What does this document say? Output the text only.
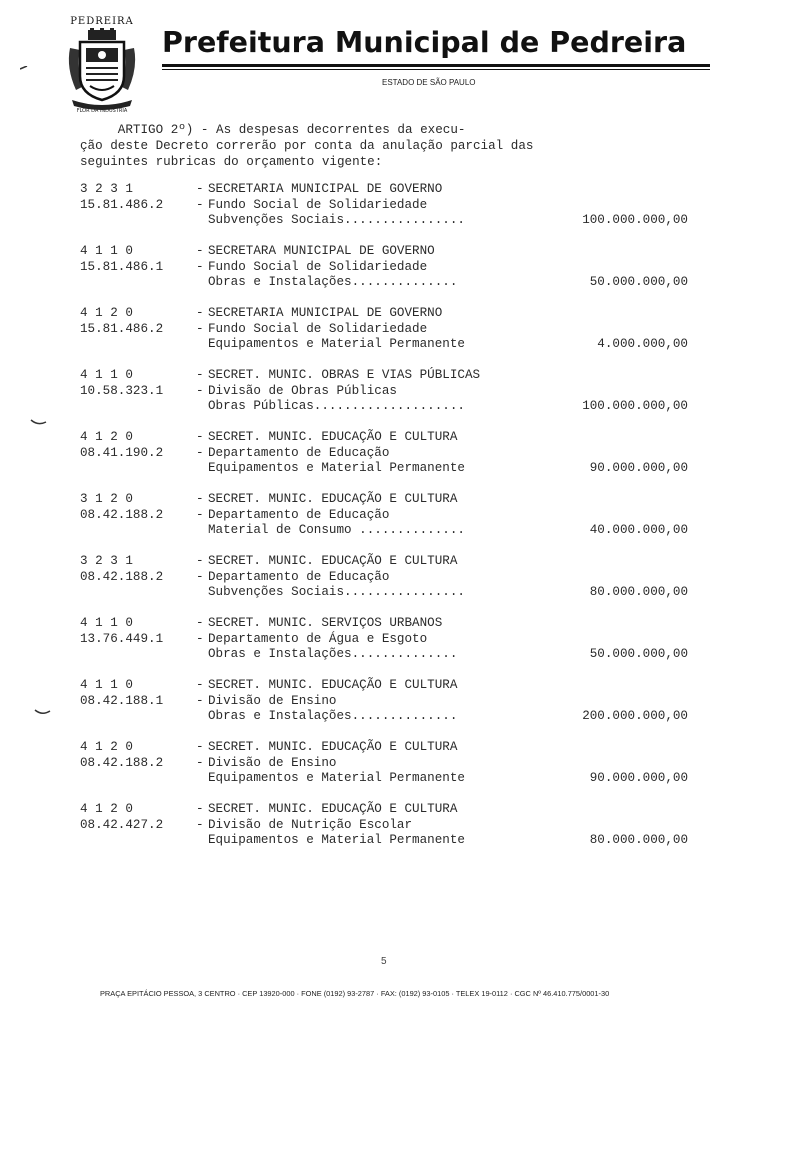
PEDREIRA
FLOR DA INDUSTRIA
Prefeitura Municipal de Pedreira
ESTADO DE SÃO PAULO

ARTIGO 2º) - As despesas decorrentes da execu-

ção deste Decreto correrão por conta da anulação parcial das

seguintes rubricas do orçamento vigente:

3 2 3 1	- SECRETARIA MUNICIPAL DE GOVERNO
15.81.486.2	- Fundo Social de Solidariedade
Subvenções Sociais................	100.000.000,00
4 1 1 0	- SECRETARA MUNICIPAL DE GOVERNO
15.81.486.1	- Fundo Social de Solidariedade
Obras e Instalações..............	50.000.000,00
4 1 2 0	- SECRETARIA MUNICIPAL DE GOVERNO
15.81.486.2	- Fundo Social de Solidariedade
Equipamentos e Material Permanente	4.000.000,00
4 1 1 0	- SECRET. MUNIC. OBRAS E VIAS PÚBLICAS
10.58.323.1	- Divisão de Obras Públicas
Obras Públicas....................	100.000.000,00
4 1 2 0	- SECRET. MUNIC. EDUCAÇÃO E CULTURA
08.41.190.2	- Departamento de Educação
Equipamentos e Material Permanente	90.000.000,00
3 1 2 0	- SECRET. MUNIC. EDUCAÇÃO E CULTURA
08.42.188.2	- Departamento de Educação
Material de Consumo ..............	40.000.000,00
3 2 3 1	- SECRET. MUNIC. EDUCAÇÃO E CULTURA
08.42.188.2	- Departamento de Educação
Subvenções Sociais................	80.000.000,00
4 1 1 0	- SECRET. MUNIC. SERVIÇOS URBANOS
13.76.449.1	- Departamento de Água e Esgoto
Obras e Instalações..............	50.000.000,00
4 1 1 0	- SECRET. MUNIC. EDUCAÇÃO E CULTURA
08.42.188.1	- Divisão de Ensino
Obras e Instalações..............	200.000.000,00
4 1 2 0	- SECRET. MUNIC. EDUCAÇÃO E CULTURA
08.42.188.2	- Divisão de Ensino
Equipamentos e Material Permanente	90.000.000,00
4 1 2 0	- SECRET. MUNIC. EDUCAÇÃO E CULTURA
08.42.427.2	- Divisão de Nutrição Escolar
Equipamentos e Material Permanente	80.000.000,00
5
PRAÇA EPITÁCIO PESSOA, 3 CENTRO · CEP 13920-000 · FONE (0192) 93-2787 · FAX: (0192) 93-0105 · TELEX 19-0112 · CGC Nº 46.410.775/0001-30
